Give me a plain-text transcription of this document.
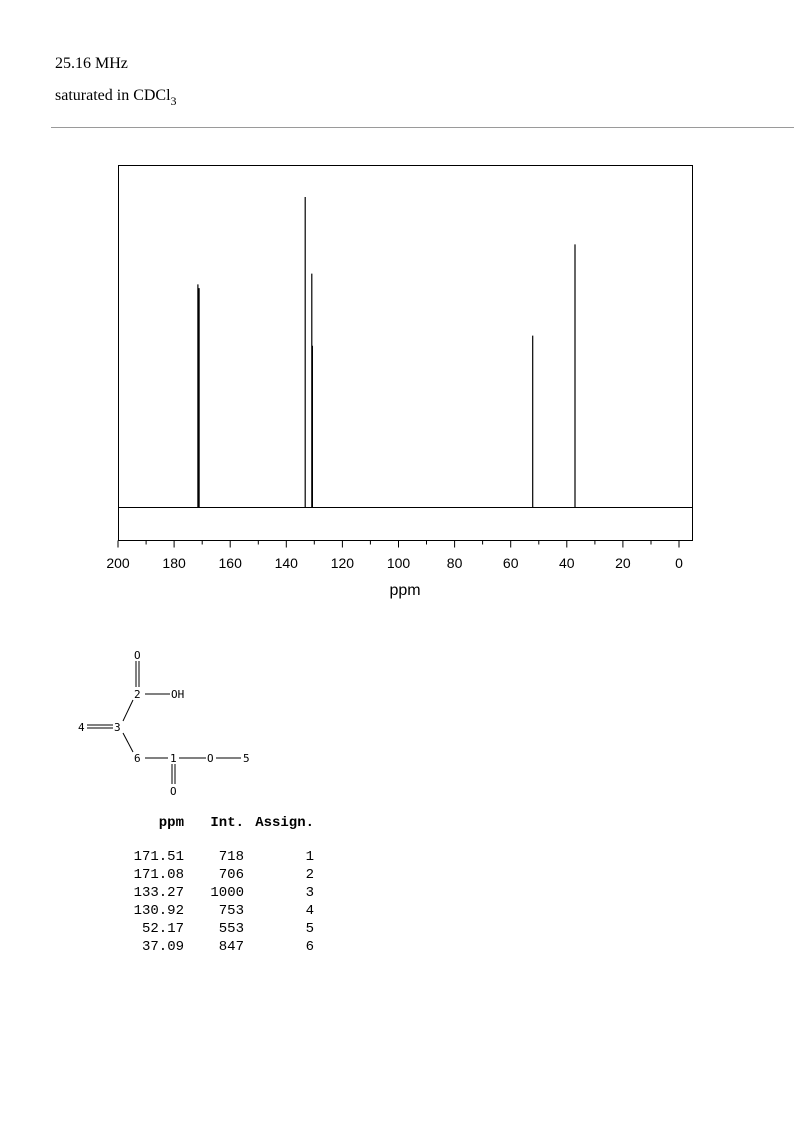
25.16 MHz
saturated in CDCl$_3$
200 180 160 140 120 100	80	60	40	20	0
ppm
O
2	OH
4	3
6	1	O	5
O
ppm	Int.	Assign.

171.51	718	1
171.08	706	2
133.27	1000	3
130.92	753	4
52.17	553	5
37.09	847	6
